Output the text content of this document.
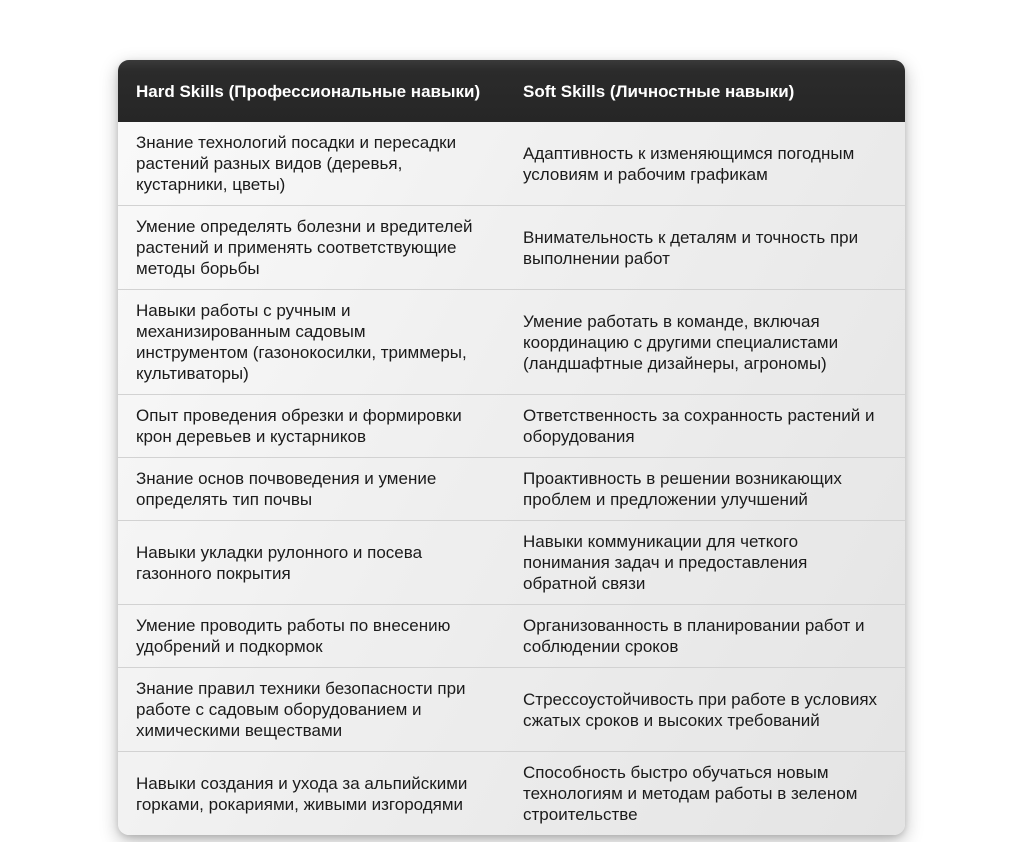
Hard Skills (Профессиональные навыки)	Soft Skills (Личностные навыки)
Знание технологий посадки и пересадки растений разных видов (деревья, кустарники, цветы)	Адаптивность к изменяющимся погодным условиям и рабочим графикам
Умение определять болезни и вредителей растений и применять соответствующие методы борьбы	Внимательность к деталям и точность при выполнении работ
Навыки работы с ручным и механизированным садовым инструментом (газонокосилки, триммеры, культиваторы)	Умение работать в команде, включая координацию с другими специалистами (ландшафтные дизайнеры, агрономы)
Опыт проведения обрезки и формировки крон деревьев и кустарников	Ответственность за сохранность растений и оборудования
Знание основ почвоведения и умение определять тип почвы	Проактивность в решении возникающих проблем и предложении улучшений
Навыки укладки рулонного и посева газонного покрытия	Навыки коммуникации для четкого понимания задач и предоставления обратной связи
Умение проводить работы по внесению удобрений и подкормок	Организованность в планировании работ и соблюдении сроков
Знание правил техники безопасности при работе с садовым оборудованием и химическими веществами	Стрессоустойчивость при работе в условиях сжатых сроков и высоких требований
Навыки создания и ухода за альпийскими горками, рокариями, живыми изгородями	Способность быстро обучаться новым технологиям и методам работы в зеленом строительстве
